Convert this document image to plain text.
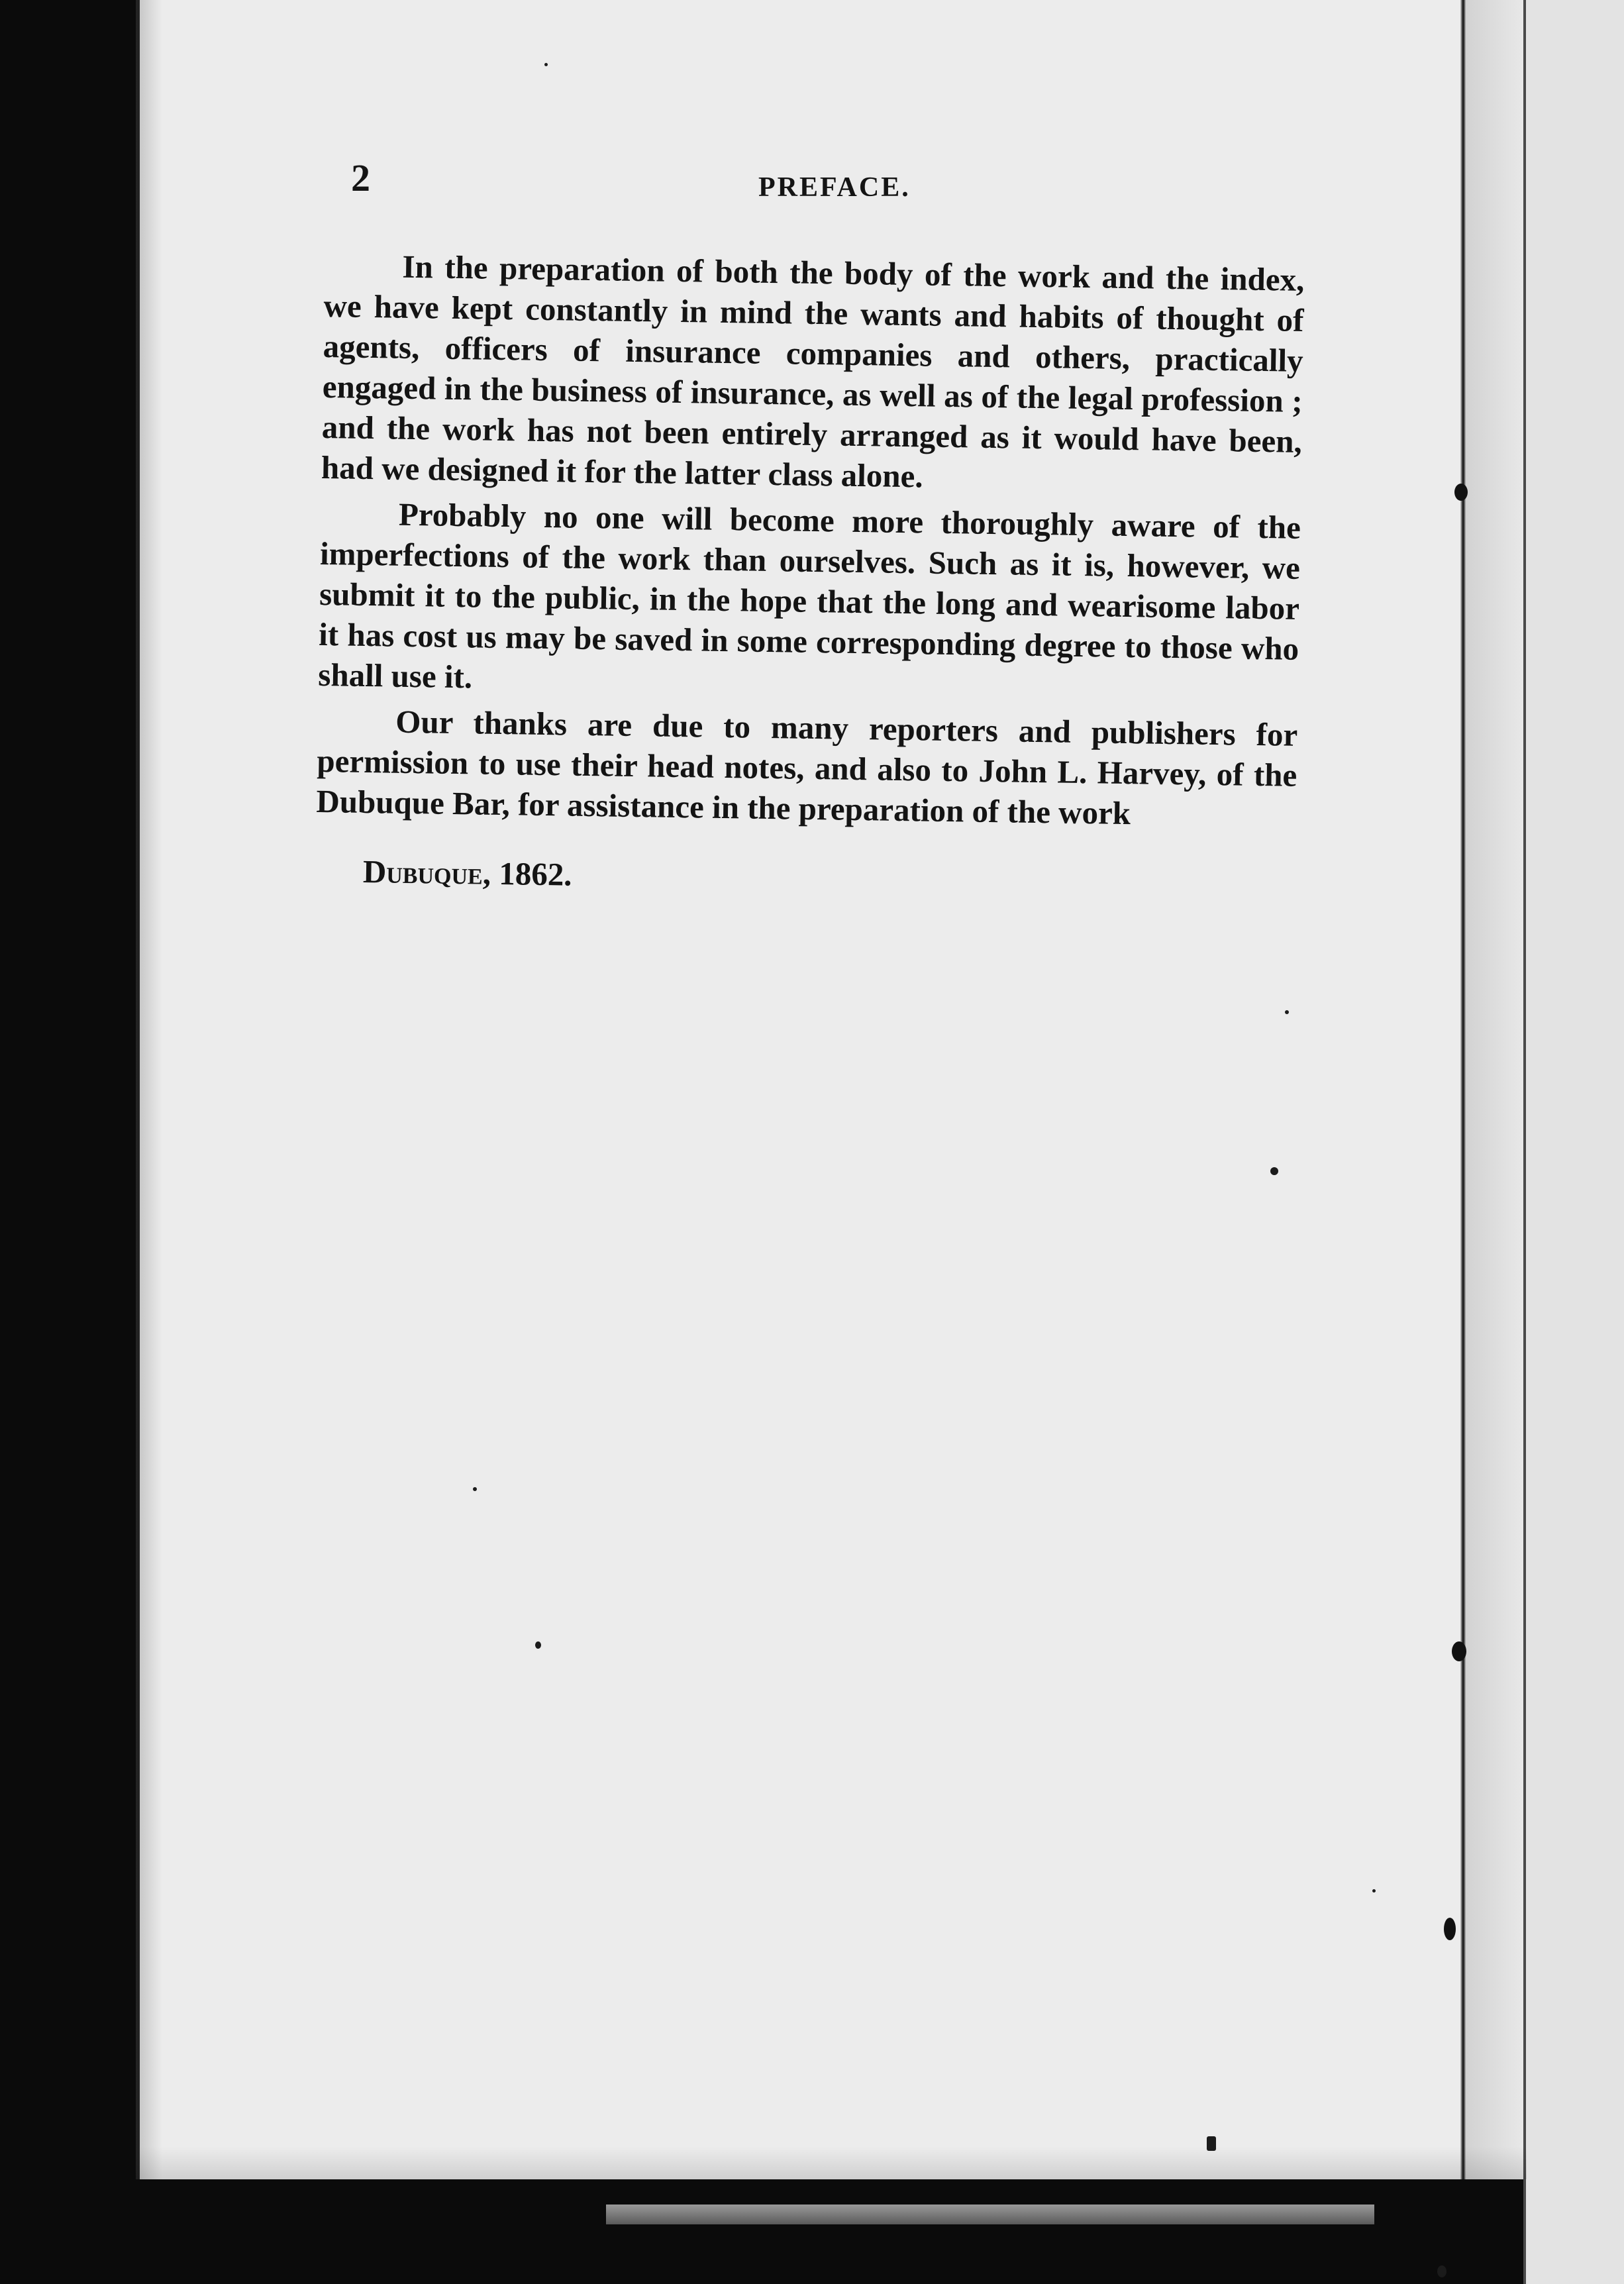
2	PREFACE.

In the preparation of both the body of the work and the index, we have kept constantly in mind the wants and habits of thought of agents, officers of insurance companies and others, practically engaged in the business of insurance, as well as of the legal profession ; and the work has not been entirely arranged as it would have been, had we designed it for the latter class alone.

Probably no one will become more thoroughly aware of the imperfections of the work than ourselves. Such as it is, however, we submit it to the public, in the hope that the long and wearisome labor it has cost us may be saved in some corresponding degree to those who shall use it.

Our thanks are due to many reporters and publishers for permission to use their head notes, and also to John L. Harvey, of the Dubuque Bar, for assistance in the preparation of the work

Dubuque, 1862.
